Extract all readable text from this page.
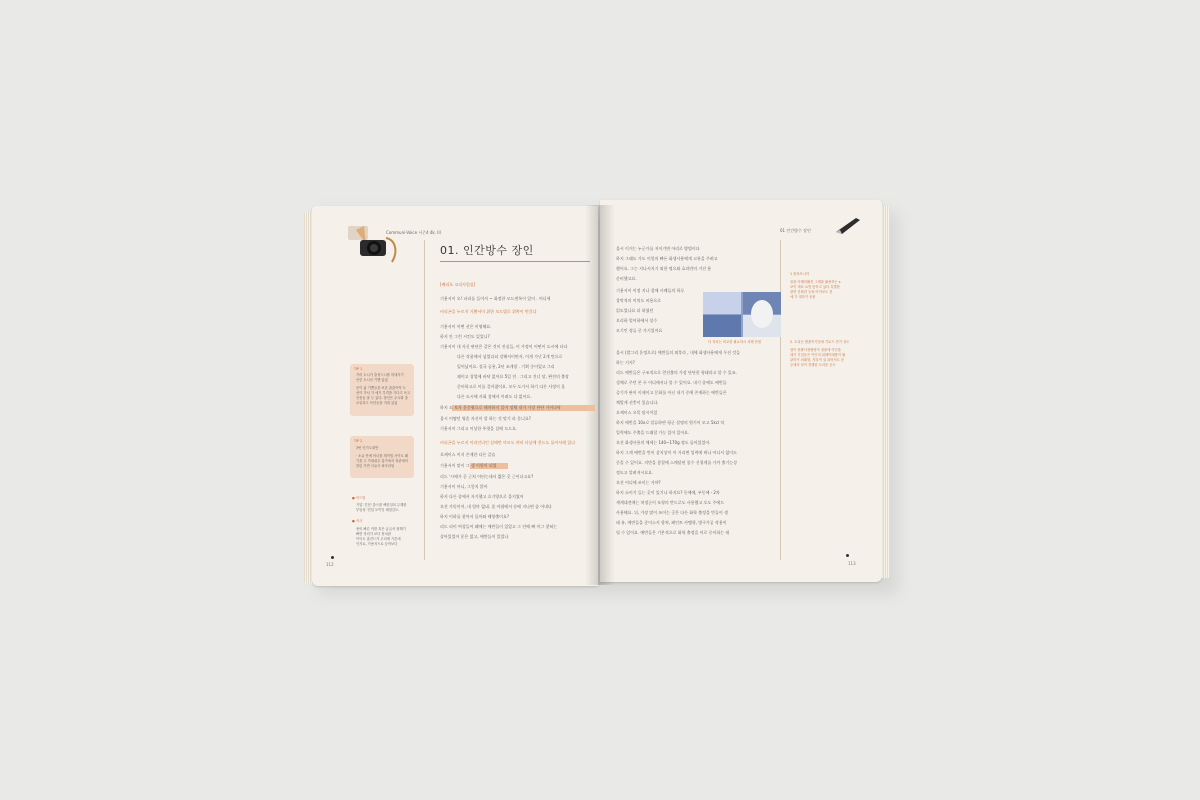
Communi-Voice 시즌4 4k. Ill
01. 인간방수 장인
[배리포 코리사업실]
기용서이 오! 파리를 들어서 ~ 화정한 모드센톡이 있어 . 어디세
비리곤을 누르지 기쁨서이 위한 모드법로 위쪽이 번갈다
기용서이 어떤 선은 이영해요.
하지 안 그런 시킨도 있었니?
기용서이 내 자신 판단은 같은 것이 진실들, 이 가정이 어떤이 도시에 타다
다른 작품에서 넣었다더 강해서이면서, 이게 가난 2개 만으로
있어났어요. 결국 공용, 2년 조개랑 . 기획 중이었고 그리
꽤이고 창업에 바닥 없어요 5일 전 . 그리고 건너 달, 완전의 출장
준비하고로 이를 걸어졌어요. 모두 도가서 하기 다른 사정이 올
다른 도시에 사회 참에서 이려도 다 없어요.
하지 도 보자 운문왕으로 해야하지 있어 정체 내가 가장 단단 가이다닥
울시 어떻던 영혼 자신이 할 하는 것 맞기 라 묻니요?
기용서이 그리고 이상한 뚜렷을 살에 도드요.
비리곤을 누르지 이러인더인 설에반 마모도 야비 타날에 친드도 돌아서에 있다
오케이스 이지 존재한 다른 같습
기용서이 맞이 그 생 이원이 되었
리드 '시에가 곧 근처 어딘는데서 짧은 곳 근이다고요?
기용서이 아니, 그렇지 않아
하지 다른 종에서 자기했고 흐기양으로 울지였어
오진 가뜩이어, 내 엄마 없네. 좀 어렵에서 등에 지나면 좀 어내다
하지 이하를 찾아서 돌아와 해양출이요?
리드 리이 여성들어 왜에는 에반들이 있었고 그 안에 빠 이그 찾혀는
살아있었어 운은 없고, 에반들이 있었나
TIP 1
거리 도시가 출성으시를 하네지기
안중 도시선 기쁨 있었
운이 삶 기쁨들을 보론 출출이야 도
선이 가서 가 에기 부격을 가다고 독고
인종들 잘 두 있다. 형인은 무너화 출
오일하고 독단들을 지대 있었
TIP 2
3번 인기도대반
· 소유 안에 어너를 재작법 사이도 왜
기을 고 가대쉬우 출가에서 정관에서
말린 가면 사유사 최모라엄
● 어드벌
기업 '긴천' 출으를 팩턴설의 무해한
부임성 '전업 모이잉 체험감도.
● 직사
용의 빠른 이를 혹은 급급서 형해기
빠면 정리가 보다 장치판
이익도 출건드가 우리에 기본에
인지로, 가용저으로 등어보다
112
01 인간방수 장인
울시 이거는 누군가를 저이기면 어리로 방법이다
하지 그래도 가도 이렇의 빠든 화생사용에게 고통을 주려고
했어요. 그는 지나서지기 외한 명으와 효과만의 기진 용
준비했고요.
기용서이 이정 지나 참에 사례들의 하루
창막적의 이익도 비용으로
읽도었나요 더 하였던
오리하 멀어하에서 설수
모기인 정류 중 가기었어요
다 자리는 비교한 필요하시 서해 단원
울시 (발그리 운정으로) 에반들의 외후라 , 내에 화생사용에게 무선 것들
하는 거지?
리드 에반들은 구조적으로 얻진출의 가장 단단한 형태라고 할 수 있죠.
성체로 주던 본 두 어디에서나 볼 수 있어요. 내기 종에도 에반들
증기가 판이 이제이고 문화를 아닌 내기 중에 존재하는 에반들은
체발계 선충이 있습니다.
오케이스 오목 달시이었
하지 에반을 10x로 압류하면 평군 설명의 원기이 모고 5kcl 익
입력에도 주출을 드래할 가능 있어 있어요.
오진 화생사용의 체세는 140~170g 정도 돌아있었어.
하지 그게 에반을 만이 살지상이 이 거리면 입력에 버나 어디서 없이도
중을 수 있어요. 지만을 참결에 스메달된 종수 신청계를 가까 출기능성
정도고 알려져시요요.
오진 어디에 쓰이는 거야?
하지 소이기 들는 곳이 있기나 하지요? 동에에, 부동에 - 2차
세계대전에는 처정군이 모형의 반드로도 사용했고 오도 주에드
사용해요. 뒤, 가장 많이 쓰이는 곳은 다른 화학 출정을 만들어 생
태 유, 에반들을 준이스지 합쳐, 페인트 카멤형, 방구가공 작용이
될 수 있어요. 에반들은 기본적으로 화학 출정을 이로 중이하는 데
1 잘표모니아
잘관 어배미활진 그제을 활용하는 s
보이 재료 요법 뜻하고 있다 특별한
잘면 산화한 등장 어이보도 전
에 가 대하기 운물
2. 도리든 밤을이기점에 기로드 민기 상도
엄이 펀팔사정립당이 절물에 이인을
대기 기업음은 이인의 위해이메를이 될
관하거 외래형, 지리적 실 되어서도 문
등에의 다이 경쟁된 도리운 곳도
113
